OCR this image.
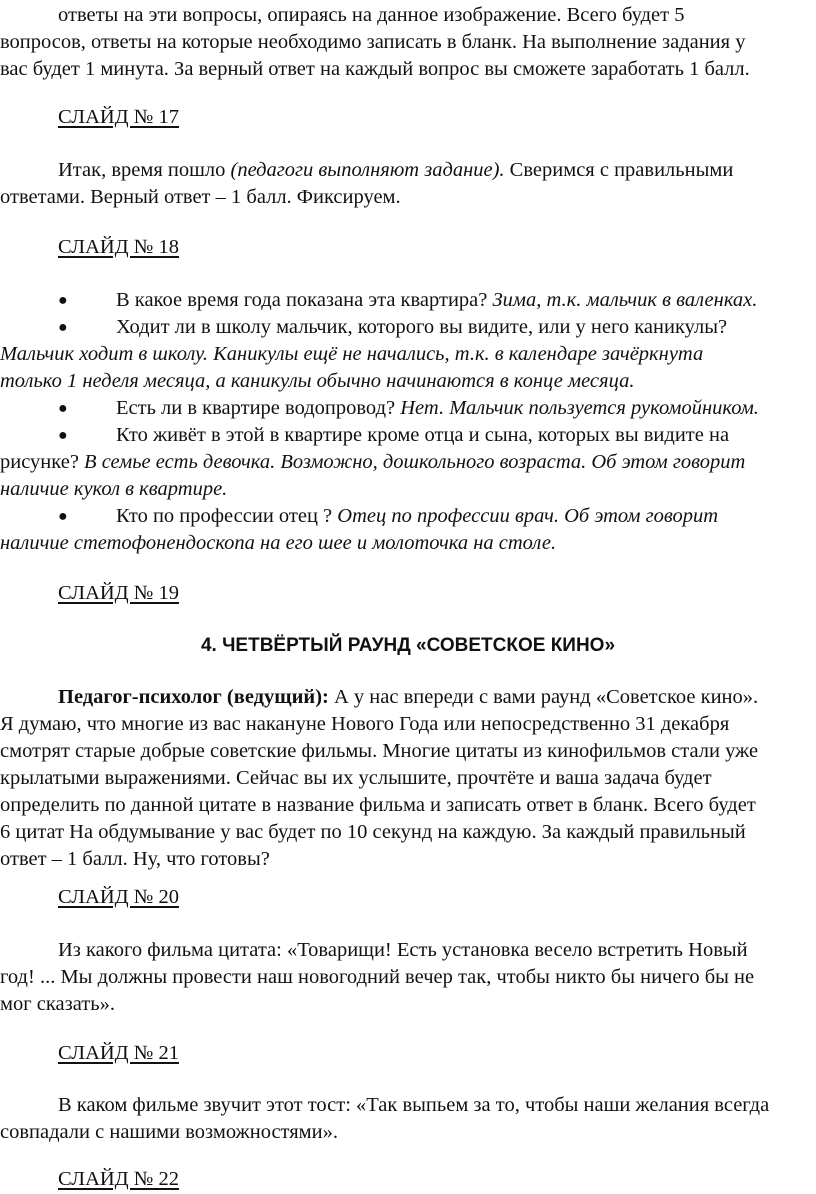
ответы на эти вопросы, опираясь на данное изображение. Всего будет 5
вопросов, ответы на которые необходимо записать в бланк. На выполнение задания у
вас будет 1 минута. За верный ответ на каждый вопрос вы сможете заработать 1 балл.
СЛАЙД № 17
Итак, время пошло (педагоги выполняют задание). Сверимся с правильными
ответами. Верный ответ – 1 балл. Фиксируем.
СЛАЙД № 18
● В какое время года показана эта квартира? Зима, т.к. мальчик в валенках.
● Ходит ли в школу мальчик, которого вы видите, или у него каникулы?
Мальчик ходит в школу. Каникулы ещё не начались, т.к. в календаре зачёркнута
только 1 неделя месяца, а каникулы обычно начинаются в конце месяца.
● Есть ли в квартире водопровод? Нет. Мальчик пользуется рукомойником.
● Кто живёт в этой в квартире кроме отца и сына, которых вы видите на
рисунке? В семье есть девочка. Возможно, дошкольного возраста. Об этом говорит
наличие кукол в квартире.
● Кто по профессии отец ? Отец по профессии врач. Об этом говорит
наличие стетофонендоскопа на его шее и молоточка на столе.
СЛАЙД № 19
4. ЧЕТВЁРТЫЙ РАУНД «СОВЕТСКОЕ КИНО»
Педагог-психолог (ведущий): А у нас впереди с вами раунд «Советское кино».
Я думаю, что многие из вас накануне Нового Года или непосредственно 31 декабря
смотрят старые добрые советские фильмы. Многие цитаты из кинофильмов стали уже
крылатыми выражениями. Сейчас вы их услышите, прочтёте и ваша задача будет
определить по данной цитате в название фильма и записать ответ в бланк. Всего будет
6 цитат На обдумывание у вас будет по 10 секунд на каждую. За каждый правильный
ответ – 1 балл. Ну, что готовы?
СЛАЙД № 20
Из какого фильма цитата: «Товарищи! Есть установка весело встретить Новый
год! ... Мы должны провести наш новогодний вечер так, чтобы никто бы ничего бы не
мог сказать».
СЛАЙД № 21
В каком фильме звучит этот тост: «Так выпьем за то, чтобы наши желания всегда
совпадали с нашими возможностями».
СЛАЙД № 22
